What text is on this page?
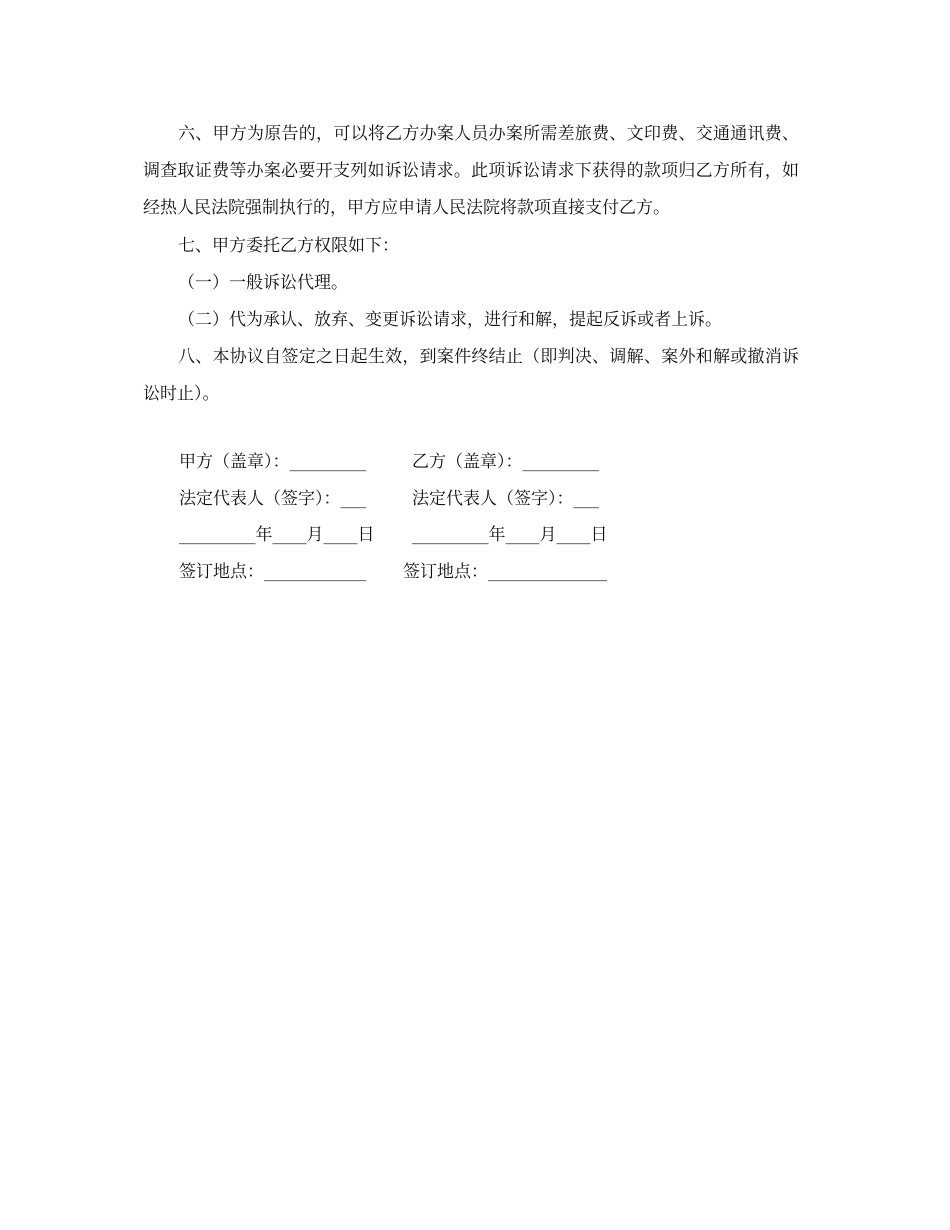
六、甲方为原告的，可以将乙方办案人员办案所需差旅费、文印费、交通通讯费、调查取证费等办案必要开支列如诉讼请求。此项诉讼请求下获得的款项归乙方所有，如经热人民法院强制执行的，甲方应申请人民法院将款项直接支付乙方。

七、甲方委托乙方权限如下：

（一）一般诉讼代理。

（二）代为承认、放弃、变更诉讼请求，进行和解，提起反诉或者上诉。

八、本协议自签定之日起生效，到案件终结止（即判决、调解、案外和解或撤消诉讼时止）。

甲方（盖章）：_________

	乙方（盖章）：_________

法定代表人（签字）：___

	法定代表人（签字）：___

_________年____月____日

_________年____月____日

签订地点：____________

签订地点：______________
